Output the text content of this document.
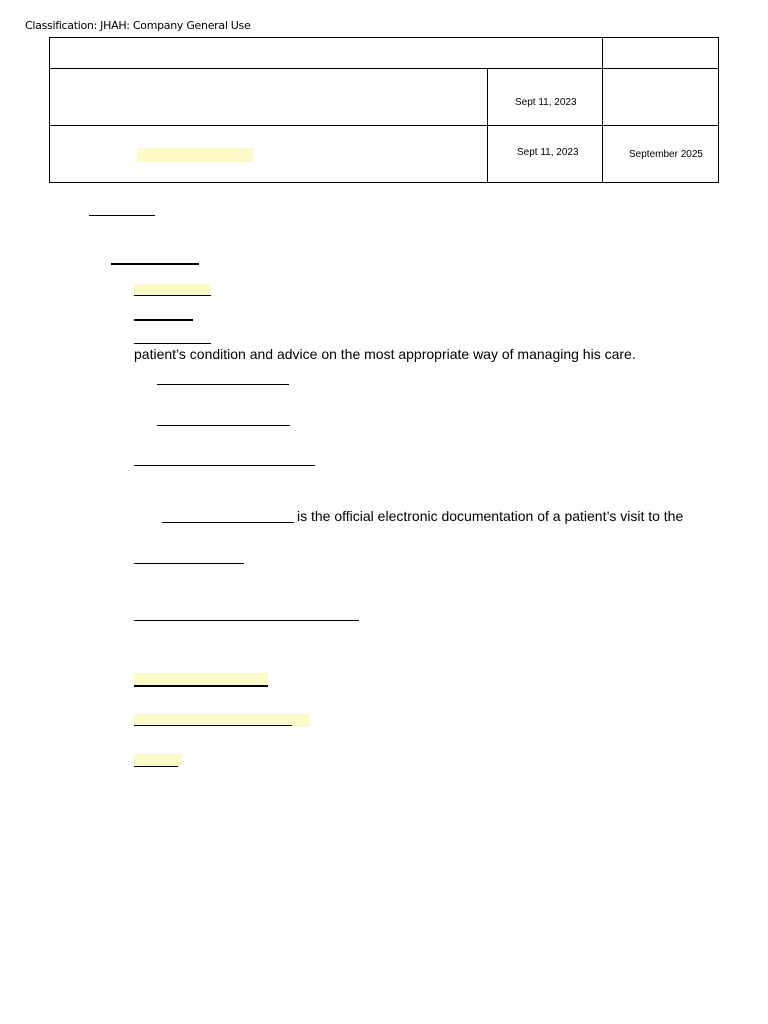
Classification: JHAH: Company General Use
Sept 11, 2023
Sept 11, 2023	September 2025
patient’s condition and advice on the most appropriate way of managing his care.
is the official electronic documentation of a patient’s visit to the
